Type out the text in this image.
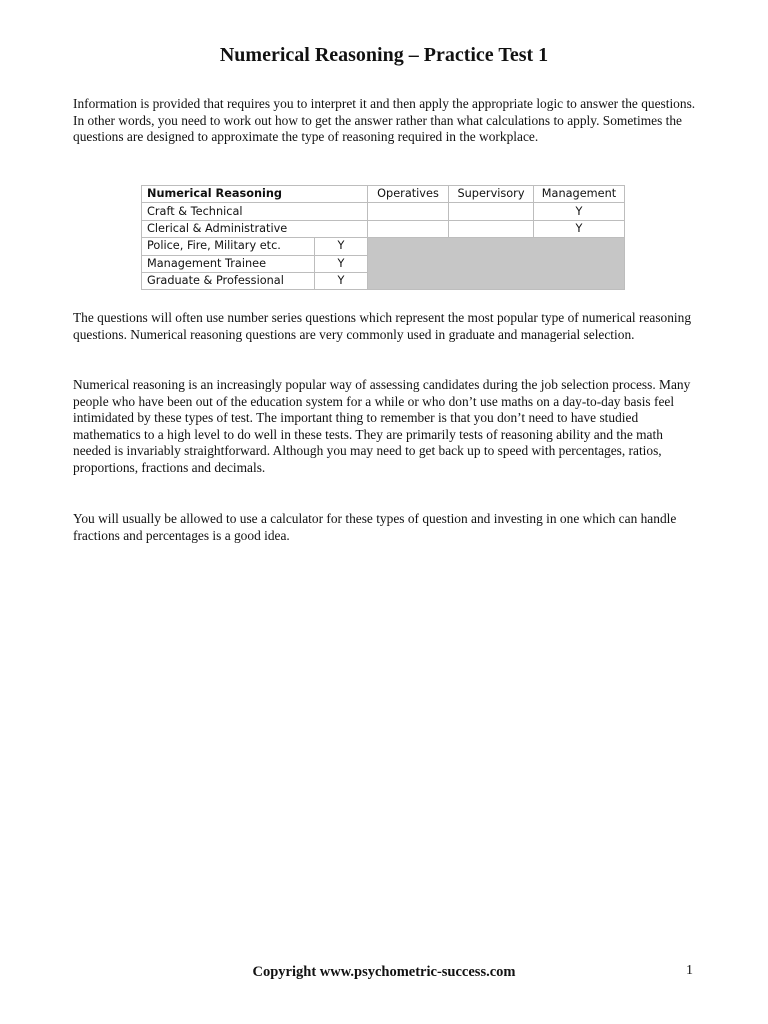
Numerical Reasoning – Practice Test 1

Information is provided that requires you to interpret it and then apply the appropriate logic to answer the questions. In other words, you need to work out how to get the answer rather than what calculations to apply. Sometimes the questions are designed to approximate the type of reasoning required in the workplace.

Numerical Reasoning		Operatives	Supervisory	Management
Craft & Technical				Y
Clerical & Administrative				Y
Police, Fire, Military etc.	Y			
Management Trainee	Y			
Graduate & Professional	Y			

The questions will often use number series questions which represent the most popular type of numerical reasoning questions. Numerical reasoning questions are very commonly used in graduate and managerial selection.

Numerical reasoning is an increasingly popular way of assessing candidates during the job selection process. Many people who have been out of the education system for a while or who don’t use maths on a day-to-day basis feel intimidated by these types of test. The important thing to remember is that you don’t need to have studied mathematics to a high level to do well in these tests. They are primarily tests of reasoning ability and the math needed is invariably straightforward. Although you may need to get back up to speed with percentages, ratios, proportions, fractions and decimals.

You will usually be allowed to use a calculator for these types of question and investing in one which can handle fractions and percentages is a good idea.

Copyright www.psychometric-success.com	1
